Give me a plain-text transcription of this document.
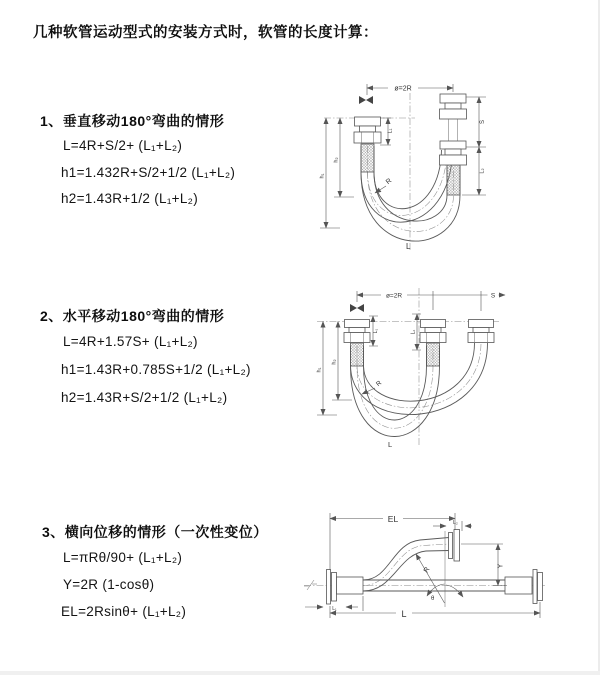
几种软管运动型式的安装方式时，软管的长度计算：
1、垂直移动180°弯曲的情形
L=4R+S/2+ (L₁+L₂)
h1=1.432R+S/2+1/2 (L₁+L₂)
h2=1.43R+1/2 (L₁+L₂)
2、水平移动180°弯曲的情形
L=4R+1.57S+ (L₁+L₂)
h1=1.43R+0.785S+1/2 (L₁+L₂)
h2=1.43R+S/2+1/2 (L₁+L₂)
3、横向位移的情形（一次性变位）
L=πRθ/90+ (L₁+L₂)
Y=2R (1-cosθ)
EL=2Rsinθ+ (L₁+L₂)
ø=2R
L₁
S
L₂
h₁
h₂
R
L
ø=2R	S
L₁	L₂
h₁
h₂
R
L
R
θ
EL	L₂
Y
L
L₁
